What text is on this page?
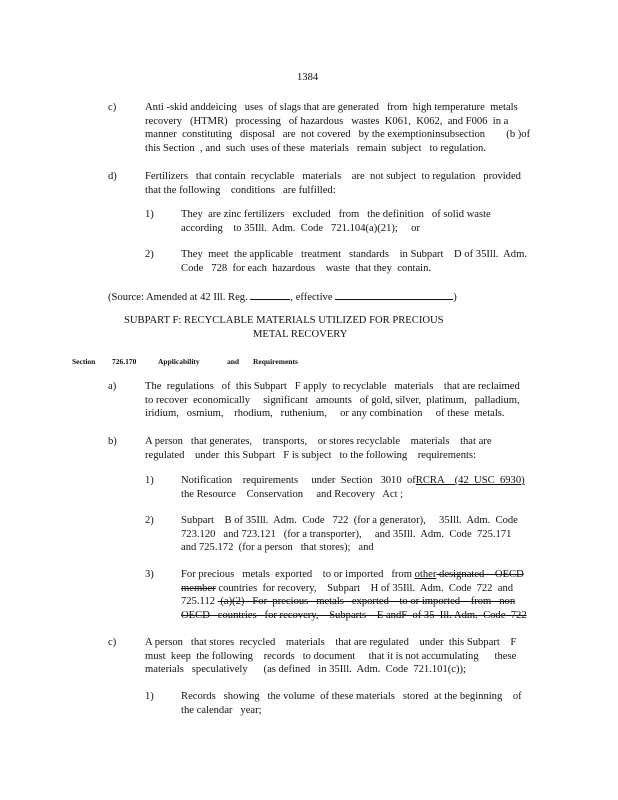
1384
c)	Anti -skid anddeicing   uses  of slags that are generated   from  high temperature  metals
recovery   (HTMR)   processing   of hazardous   wastes  K061,  K062,  and F006  in a
manner  constituting   disposal   are  not covered   by the exemptioninsubsection        (b )of
this Section  , and  such  uses of these  materials   remain  subject   to regulation.
d)	Fertilizers   that contain  recyclable   materials    are  not subject  to regulation   provided
that the following    conditions   are fulfilled:
1)	They  are zinc fertilizers   excluded   from   the definition   of solid waste
according    to 35Ill.  Adm.  Code   721.104(a)(21);     or
2)	They  meet  the applicable   treatment   standards    in Subpart    D of 35Ill.  Adm.
Code   728  for each  hazardous    waste  that they  contain.
(Source: Amended at 42 Ill. Reg.	, effective	)
SUBPART F: RECYCLABLE MATERIALS UTILIZED FOR PRECIOUS
METAL RECOVERY
Section 726.170	Applicability	and Requirements
a)	The  regulations   of  this Subpart   F apply  to recyclable   materials    that are reclaimed
to recover  economically     significant   amounts   of gold, silver,  platinum,   palladium,
iridium,   osmium,    rhodium,   ruthenium,     or any combination     of these  metals.
b)	A person   that generates,    transports,    or stores recyclable    materials    that are
regulated    under  this Subpart   F is subject   to the following    requirements:
1)	Notification    requirements     under  Section   3010  ofRCRA    (42  USC  6930)
the Resource    Conservation     and Recovery   Act ;
2)	Subpart    B of 35Ill.  Adm.  Code   722  (for a generator),     35Ill.  Adm.  Code
723.120   and 723.121   (for a transporter),     and 35Ill.  Adm.  Code  725.171
and 725.172  (for a person   that stores);   and
3)	For precious   metals  exported    to or imported   from other designated    OECD
member countries  for recovery,    Subpart    H of 35Ill.  Adm.  Code  722  and
725.112  (a)(2)   For  precious   metals   exported    to or imported    from   non
OECD   countries   for recovery,    Subparts    E andF  of 35  Ill. Adm.  Code  722
c)	A person   that stores  recycled    materials    that are regulated    under  this Subpart    F
must  keep  the following    records   to document     that it is not accumulating      these
materials   speculatively      (as defined   in 35Ill.  Adm.  Code  721.101(c));
1)	Records   showing   the volume  of these materials   stored  at the beginning    of
the calendar   year;
